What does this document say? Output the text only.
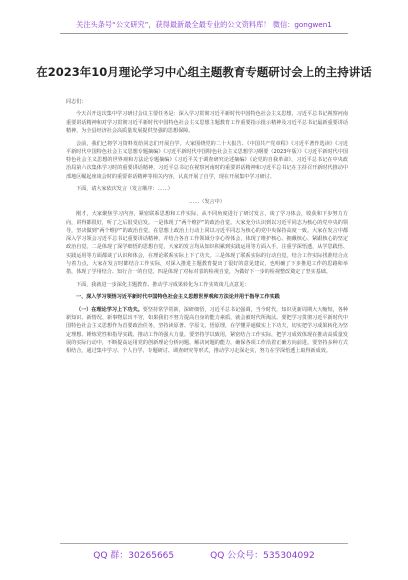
关注头条号“公文研究”，获得最新最全最专业的公文资料库！ 微信：gongwen1
在2023年10月理论学习中心组主题教育专题研讨会上的主持讲话

同志们：

今天召开这次集中学习研讨会议主要任务是：深入学习贯彻习近平新时代中国特色社会主义思想，习近平总书记视察河南重要讲话精神和对学习贯彻习近平新时代中国特色社会主义思想主题教育工作重要指示批示精神及习近平总书记最新重要讲话精神，为全县经济社会高质量发展提供坚强的思想保障。

会前，我们已将学习资料发给同志们开展自学。大家围绕党的二十大报告、《中国共产党章程》《习近平著作选读》《习近平新时代中国特色社会主义思想专题摘编》《习近平新时代中国特色社会主义思想学习纲要（2023年版）》《习近平新时代中国特色社会主义思想的世界观和方法论专题摘编》《习近平关于调查研究论述摘编》《论党的自我革命》，习近平总书记在中央政治局第六次集体学习时的重要讲话精神，习近平总书记在视察河南时的重要讲话精神和习近平总书记在主持召开新时代推动中部地区崛起座谈会时的重要讲话精神等相关内容，认真开展了自学，现在开展集中学习研讨。

下面，请大家依次发言（发言顺序：……）

……（发言中）

刚才，大家聚焦学习内容，紧密联系思想和工作实际，从不同角度进行了研讨发言，谈了学习体会，收获和下步努力方向，讲得都很好，听了之后很受启发。一是体现了“两个维护”的政治自觉。大家充分认识到以习近平同志为核心的党中央的领导，坚决做到“两个维护”的政治自觉，在思想上政治上行动上同以习近平同志为核心的党中央保持高度一致。大家在发言中都深入学习领会习近平总书记重要讲话精神，并结合各自工作领域分享心得体会，体现了维护核心、拥戴核心、紧跟核心的坚定政治自觉。二是体现了深学细悟的思想自觉，大家的发言均从知识积累到实践运用等方面入手，注重学深悟透，从学思践悟、实践运用等方面都谈了认识和体会，在理论联系实际上下了功夫。三是体现了联系实际的行动自觉。结合工作实际找准结合点与着力点，大家在发言时都结合工作实际，对深入推进主题教育提出了很好的意见建议，也明确了下步推进工作的思路和举措，体现了学用结合、知行合一的自觉。四是体现了对标对表的检视自觉，为做好下一步的检视整改奠定了坚实基础。

下面，我就进一步深化主题教育、推动学习成果转化为工作实效谈几点意见：

一、深入学习领悟习近平新时代中国特色社会主义思想世界观和方法论并用于指导工作实践

（一）在理论学习上下功夫。要坚持常学常新，深研细悟，习近平总书记强调，当今时代，知识更新周期大大缩短，各种新知识、新情况、新事物层出不穷，如果我们不努力提高自身的能力素质，就会被时代所淘汰。要把学习贯彻习近平新时代中国特色社会主义思想作为首要政治任务，坚持读原著、学原文、悟原理，在学懂弄通做实上下功夫，切实把学习成果转化为坚定理想、锤炼党性和指导实践、推动工作的强大力量。要坚持学以致用，紧密结合工作实际，把学习成效体现在推动高质量发展的实际行动中，不断提高运用党的创新理论分析问题、解决问题的能力，确保各项工作沿着正确方向前进。要坚持多种方式相结合，通过集中学习、个人自学、专题研讨、调查研究等形式，推动学习走深走实，努力在学深悟透上取得新成效。

QQ 群：30265665	QQ 公众号：535304092
